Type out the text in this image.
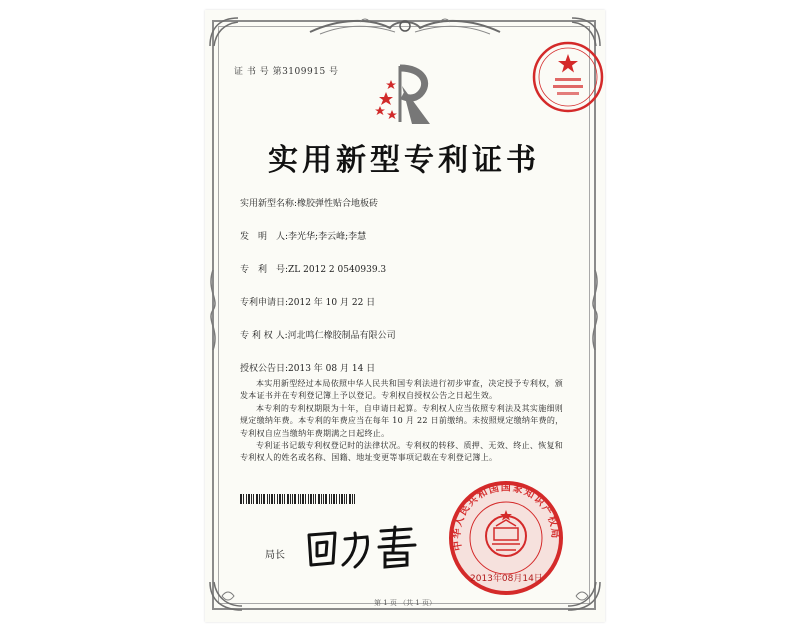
证 书 号 第3109915 号
实用新型专利证书
实用新型名称:橡胶弹性贴合地板砖
发　明　人:李光华;李云峰;李慧
专　利　号:ZL 2012 2 0540939.3
专利申请日:2012 年 10 月 22 日
专 利 权 人:河北鸣仁橡胶制品有限公司
授权公告日:2013 年 08 月 14 日

本实用新型经过本局依照中华人民共和国专利法进行初步审查，决定授予专利权，颁发本证书并在专利登记簿上予以登记。专利权自授权公告之日起生效。

本专利的专利权期限为十年，自申请日起算。专利权人应当依照专利法及其实施细则规定缴纳年费。本专利的年费应当在每年 10 月 22 日前缴纳。未按照规定缴纳年费的，专利权自应当缴纳年费期满之日起终止。

专利证书记载专利权登记时的法律状况。专利权的转移、质押、无效、终止、恢复和专利权人的姓名或名称、国籍、地址变更等事项记载在专利登记簿上。

局长
中华人民共和国国家知识产权局
2013年08月14日
第 1 页 （共 1 页）
